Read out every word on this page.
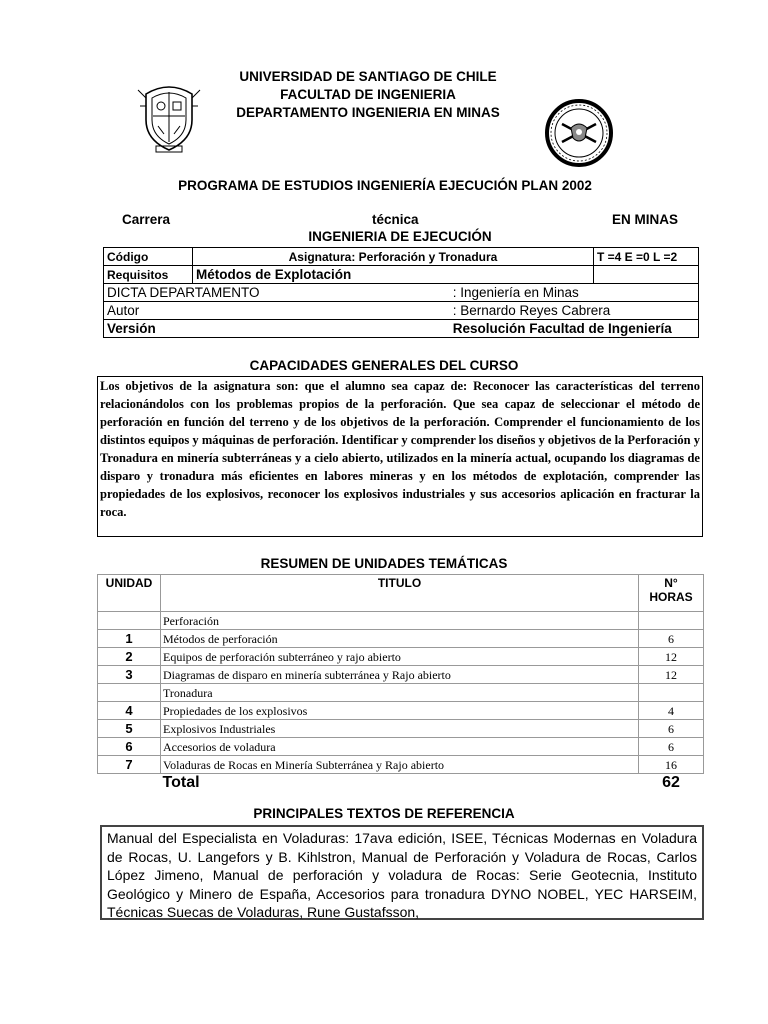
UNIVERSIDAD DE SANTIAGO DE CHILE
FACULTAD DE INGENIERIA
DEPARTAMENTO INGENIERIA EN MINAS
PROGRAMA DE ESTUDIOS INGENIERÍA EJECUCIÓN PLAN 2002
Carrera	técnica	EN MINAS
INGENIERIA DE EJECUCIÓN
Código	Asignatura: Perforación y Tronadura		T =4 E =0 L =2
Requisitos	Métodos de Explotación		
DICTA DEPARTAMENTO		: Ingeniería en Minas	
Autor		: Bernardo Reyes Cabrera	
Versión		Resolución Facultad de Ingeniería	
CAPACIDADES GENERALES DEL CURSO
Los objetivos de la asignatura son: que el alumno sea capaz de: Reconocer las características del terreno relacionándolos con los problemas propios de la perforación. Que sea capaz de seleccionar el método de perforación en función del terreno y de los objetivos de la perforación. Comprender el funcionamiento de los distintos equipos y máquinas de perforación. Identificar y comprender los diseños y objetivos de la Perforación y Tronadura en minería subterráneas y a cielo abierto, utilizados en la minería actual, ocupando los diagramas de disparo y tronadura más eficientes en labores mineras y en los métodos de explotación, comprender las propiedades de los explosivos, reconocer los explosivos industriales y sus accesorios aplicación en fracturar la roca.
RESUMEN DE UNIDADES TEMÁTICAS
UNIDAD	TITULO	N° HORAS
	Perforación	
1	Métodos de perforación	6
2	Equipos de perforación subterráneo y rajo abierto	12
3	Diagramas de disparo en minería subterránea y Rajo abierto	12
	Tronadura	
4	Propiedades de los explosivos	4
5	Explosivos Industriales	6
6	Accesorios de voladura	6
7	Voladuras de Rocas en Minería Subterránea y Rajo abierto	16
	Total	62
PRINCIPALES TEXTOS DE REFERENCIA
Manual del Especialista en Voladuras: 17ava edición, ISEE, Técnicas Modernas en Voladura de Rocas, U. Langefors y B. Kihlstron, Manual de Perforación y Voladura de Rocas, Carlos López Jimeno, Manual de perforación y voladura de Rocas: Serie Geotecnia, Instituto Geológico y Minero de España, Accesorios para tronadura DYNO NOBEL, YEC HARSEIM, Técnicas Suecas de Voladuras, Rune Gustafsson,
